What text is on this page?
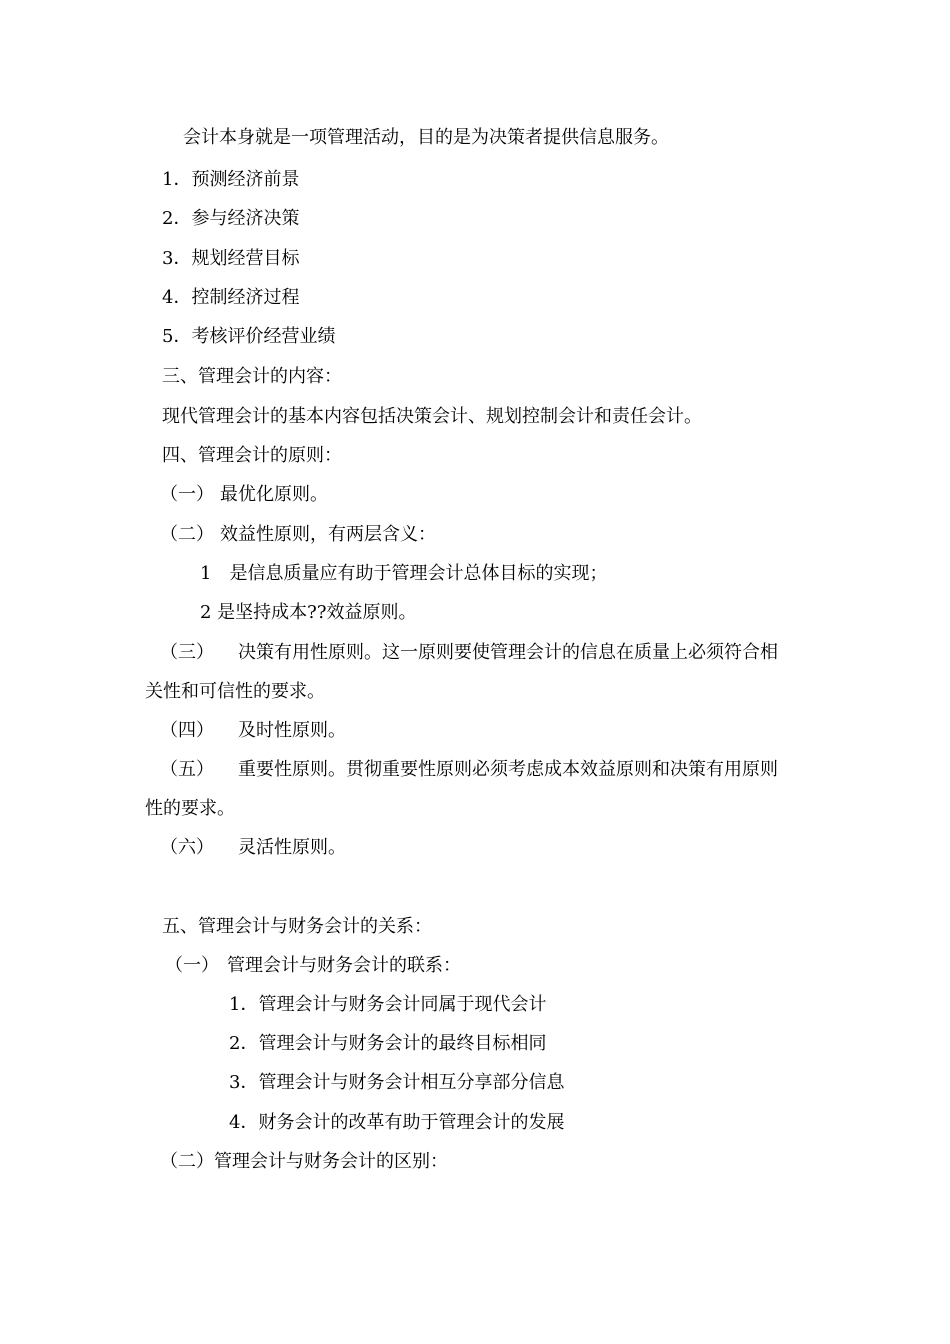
会计本身就是一项管理活动，目的是为决策者提供信息服务。
1．预测经济前景
2．参与经济决策
3．规划经营目标
4．控制经济过程
5．考核评价经营业绩
三、管理会计的内容：
现代管理会计的基本内容包括决策会计、规划控制会计和责任会计。
四、管理会计的原则：
（一） 最优化原则。
（二） 效益性原则，有两层含义：
1 是信息质量应有助于管理会计总体目标的实现；
2 是坚持成本??效益原则。
（三） 决策有用性原则。这一原则要使管理会计的信息在质量上必须符合相
关性和可信性的要求。
（四） 及时性原则。
（五） 重要性原则。贯彻重要性原则必须考虑成本效益原则和决策有用原则
性的要求。
（六） 灵活性原则。
五、管理会计与财务会计的关系：
（一） 管理会计与财务会计的联系：
1．管理会计与财务会计同属于现代会计
2．管理会计与财务会计的最终目标相同
3．管理会计与财务会计相互分享部分信息
4．财务会计的改革有助于管理会计的发展
（二）管理会计与财务会计的区别：
